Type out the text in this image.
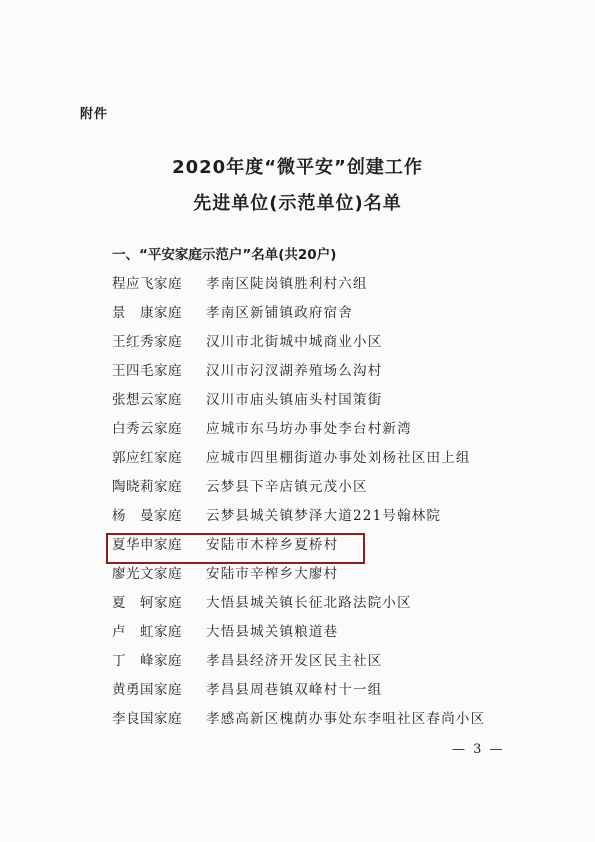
附件
2020年度“微平安”创建工作
先进单位(示范单位)名单
一、“平安家庭示范户”名单(共20户)
程应飞家庭 孝南区陡岗镇胜利村六组
景　康家庭 孝南区新铺镇政府宿舍
王红秀家庭 汉川市北街城中城商业小区
王四毛家庭 汉川市汈汊湖养殖场么沟村
张想云家庭 汉川市庙头镇庙头村国策街
白秀云家庭 应城市东马坊办事处李台村新湾
郭应红家庭 应城市四里棚街道办事处刘杨社区田上组
陶晓莉家庭 云梦县下辛店镇元茂小区
杨　曼家庭 云梦县城关镇梦泽大道221号翰林院
夏华申家庭 安陆市木梓乡夏桥村
廖光文家庭 安陆市辛榨乡大廖村
夏　轲家庭 大悟县城关镇长征北路法院小区
卢　虹家庭 大悟县城关镇粮道巷
丁　峰家庭 孝昌县经济开发区民主社区
黄勇国家庭 孝昌县周巷镇双峰村十一组
李良国家庭 孝感高新区槐荫办事处东李咀社区春尚小区
— 3 —
